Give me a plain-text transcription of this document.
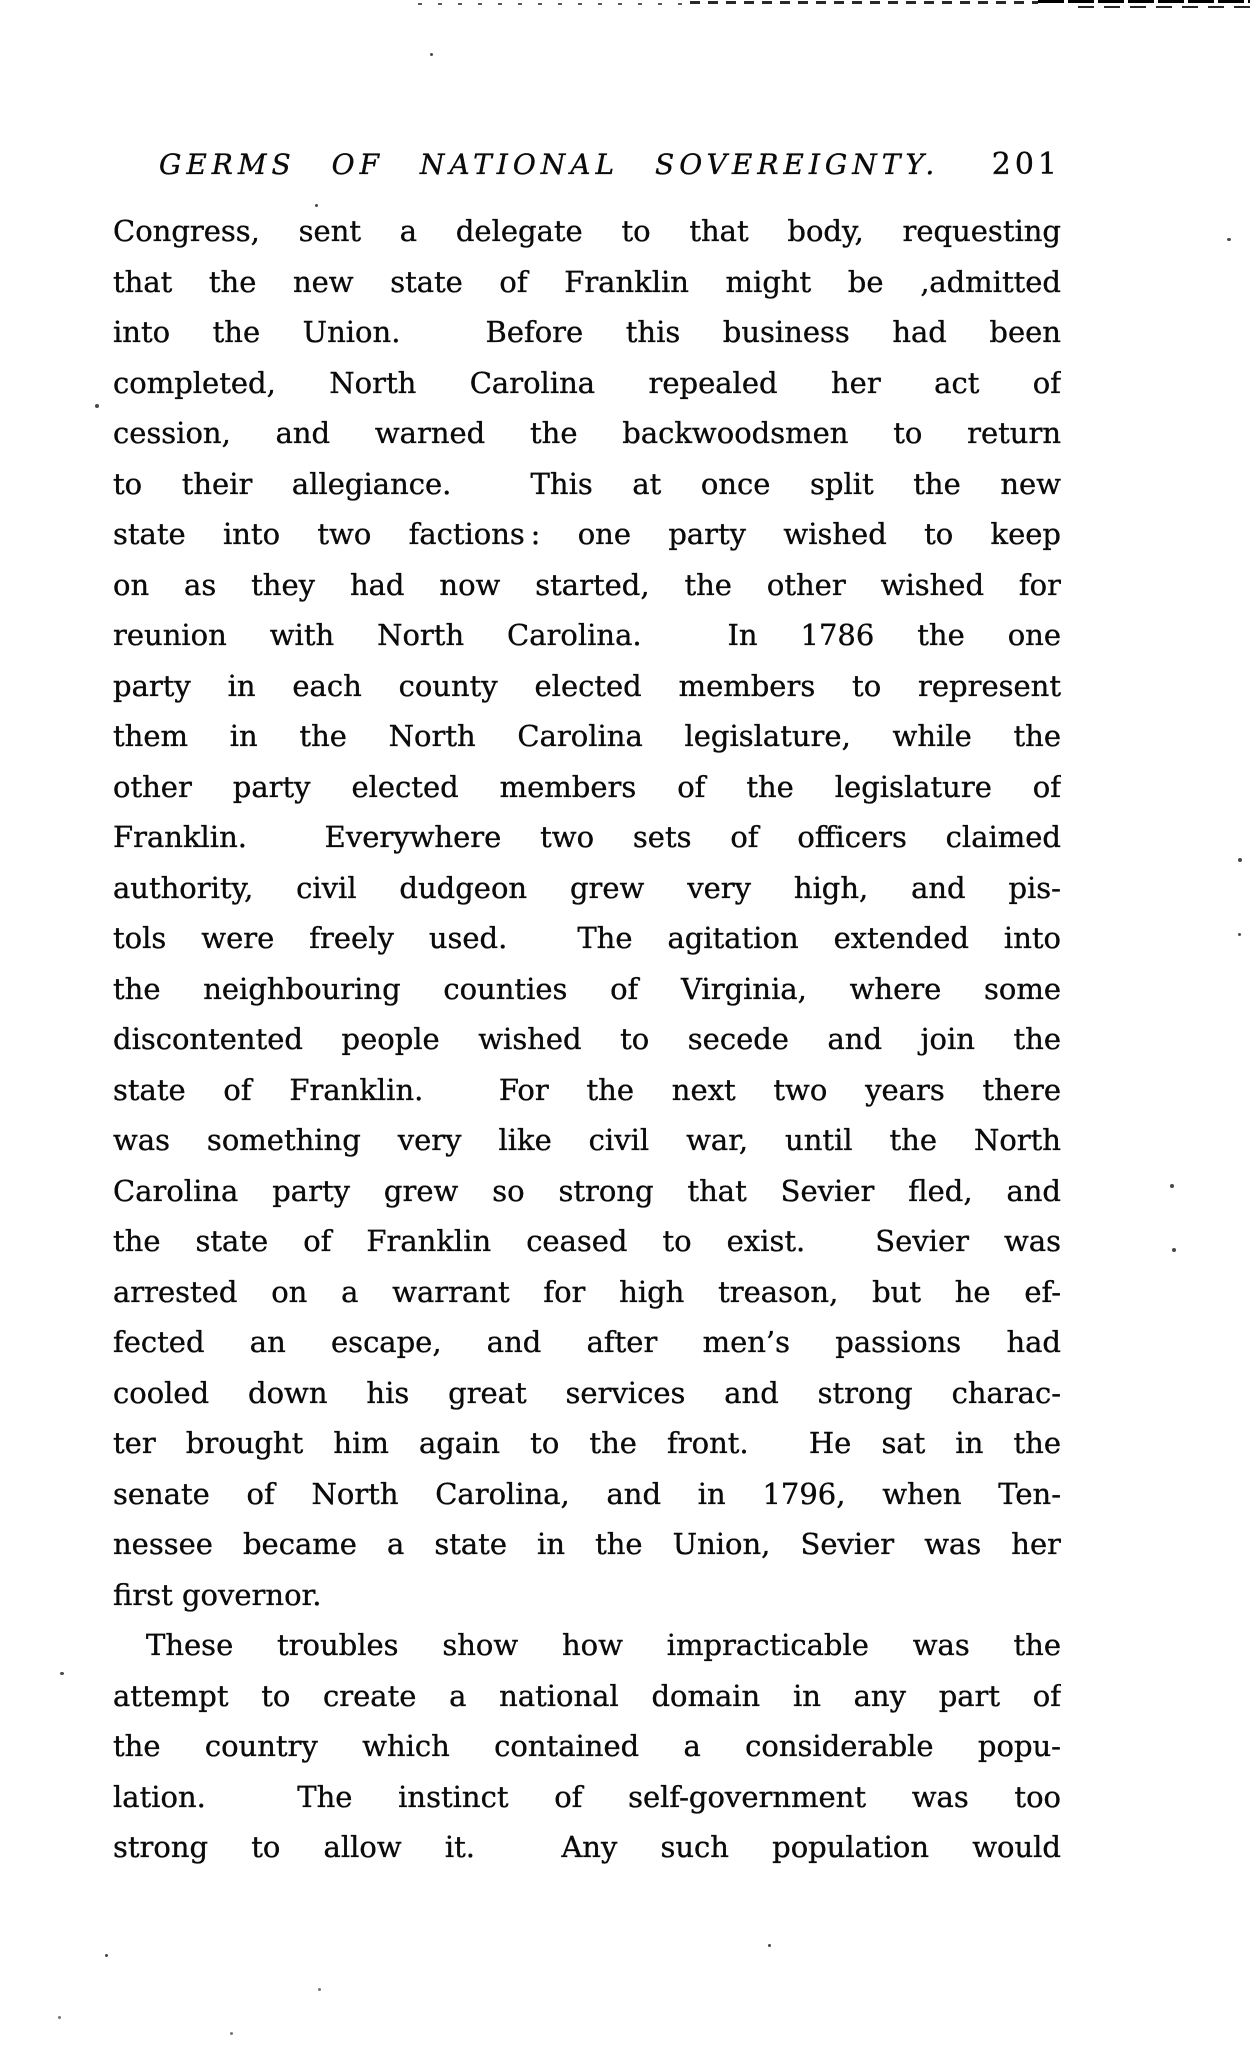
GERMS OF NATIONAL SOVEREIGNTY. 201
Congress, sent a delegate to that body, requesting
that the new state of Franklin might be ‚admitted
into the Union.  Before this business had been
completed, North Carolina repealed her act of
cession, and warned the backwoodsmen to return
to their allegiance.  This at once split the new
state into two factions : one party wished to keep
on as they had now started, the other wished for
reunion with North Carolina.  In 1786 the one
party in each county elected members to represent
them in the North Carolina legislature, while the
other party elected members of the legislature of
Franklin.  Everywhere two sets of officers claimed
authority, civil dudgeon grew very high, and pis-
tols were freely used.  The agitation extended into
the neighbouring counties of Virginia, where some
discontented people wished to secede and join the
state of Franklin.  For the next two years there
was something very like civil war, until the North
Carolina party grew so strong that Sevier fled, and
the state of Franklin ceased to exist.  Sevier was
arrested on a warrant for high treason, but he ef-
fected an escape, and after men’s passions had
cooled down his great services and strong charac-
ter brought him again to the front.  He sat in the
senate of North Carolina, and in 1796, when Ten-
nessee became a state in the Union, Sevier was her
first governor.
These troubles show how impracticable was the
attempt to create a national domain in any part of
the country which contained a considerable popu-
lation.  The instinct of self-government was too
strong to allow it.  Any such population would
